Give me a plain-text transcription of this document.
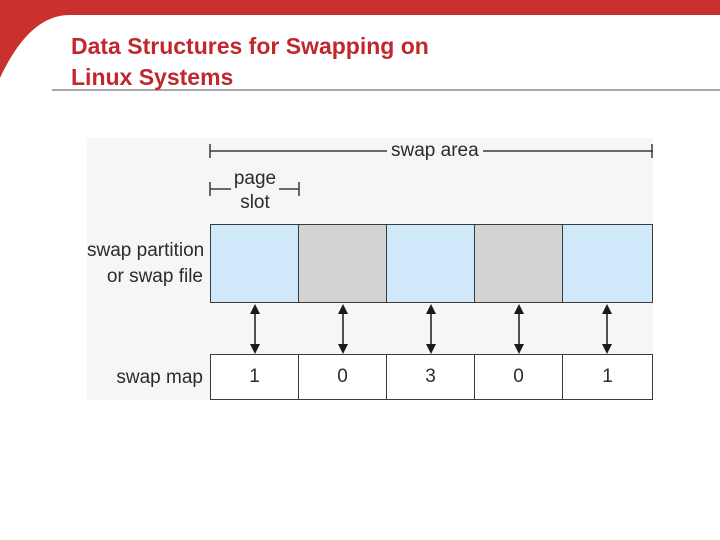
Data Structures for Swapping on
Linux Systems
swap area
page
slot
swap partition
or swap file
swap map	1	0	3	0	1
